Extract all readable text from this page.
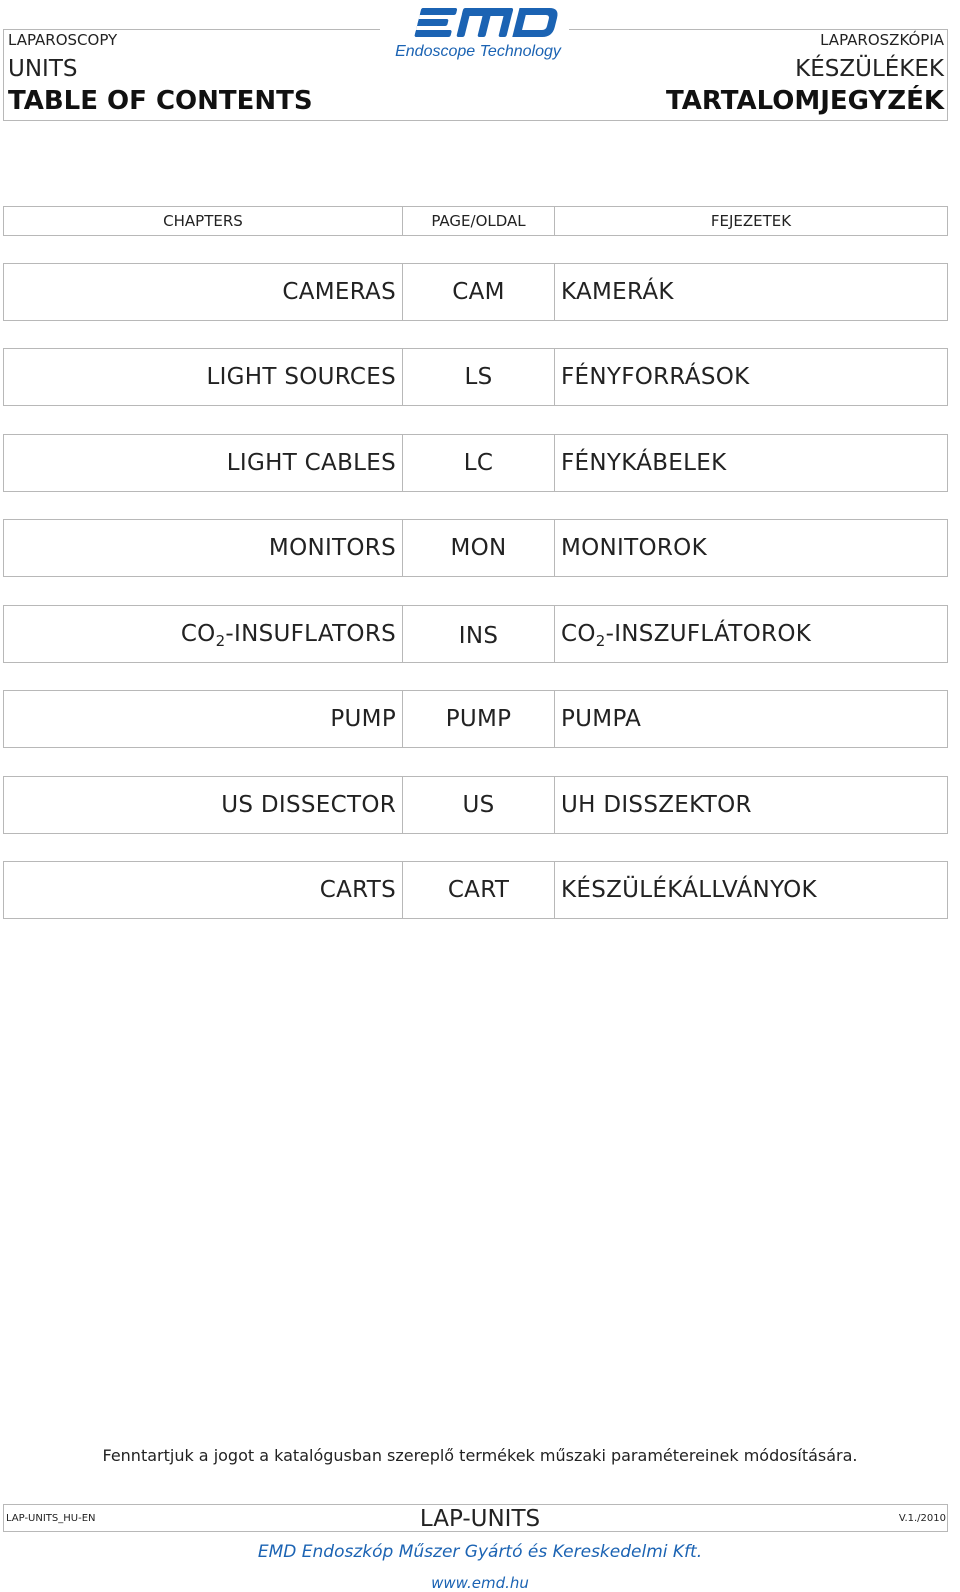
LAPAROSCOPY
UNITS
TABLE OF CONTENTS
LAPAROSZKÓPIA
KÉSZÜLÉKEK
TARTALOMJEGYZÉK
Endoscope Technology
CHAPTERS	PAGE/OLDAL	FEJEZETEK
CAMERAS	CAM	KAMERÁK
LIGHT SOURCES	LS	FÉNYFORRÁSOK
LIGHT CABLES	LC	FÉNYKÁBELEK
MONITORS	MON	MONITOROK
CO 2 -INSUFLATORS	INS	CO 2 -INSZUFLÁTOROK
PUMP	PUMP	PUMPA
US DISSECTOR	US	UH DISSZEKTOR
CARTS	CART	KÉSZÜLÉKÁLLVÁNYOK
Fenntartjuk a jogot a katalógusban szereplő termékek műszaki paramétereinek módosítására.
LAP-UNITS_HU-EN	LAP-UNITS	V.1./2010
EMD Endoszkóp Műszer Gyártó és Kereskedelmi Kft.
www.emd.hu
